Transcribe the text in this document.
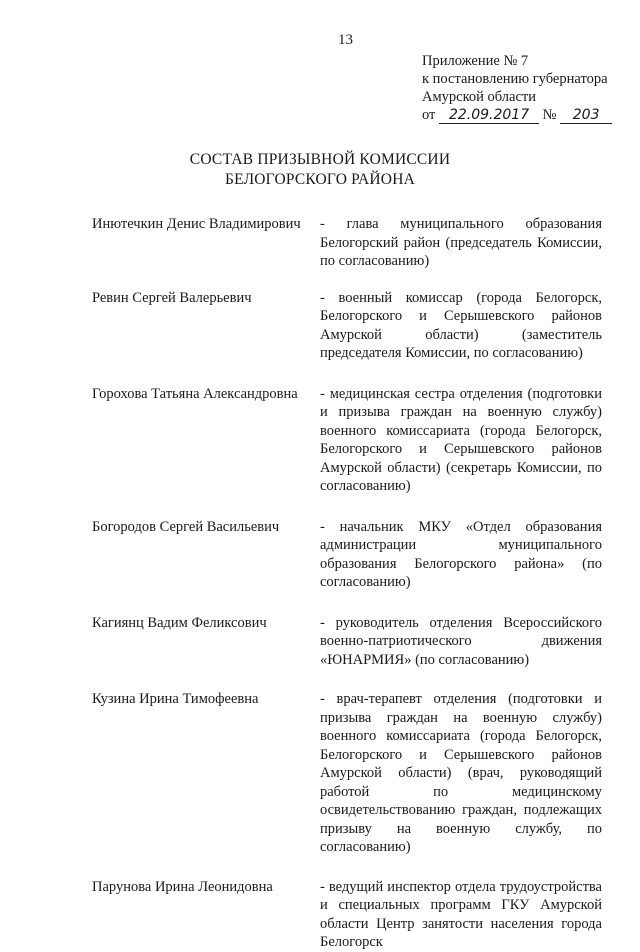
13
Приложение № 7
к постановлению губернатора
Амурской области
от 22.09.2017 № 203
СОСТАВ ПРИЗЫВНОЙ КОМИССИИ
БЕЛОГОРСКОГО РАЙОНА
Инютечкин Денис Владимирович	- глава муниципального образования Белогорский район (председатель Комиссии, по согласованию)
Ревин Сергей Валерьевич	- военный комиссар (города Белогорск, Белогорского и Серышевского районов Амурской области) (заместитель председателя Комиссии, по согласованию)
Горохова Татьяна Александровна	- медицинская сестра отделения (подготовки и призыва граждан на военную службу) военного комиссариата (города Белогорск, Белогорского и Серышевского районов Амурской области) (секретарь Комиссии, по согласованию)
Богородов Сергей Васильевич	- начальник МКУ «Отдел образования администрации муниципального образования Белогорского района» (по согласованию)
Кагиянц Вадим Феликсович	- руководитель отделения Всероссийского военно-патриотического движения «ЮНАРМИЯ» (по согласованию)
Кузина Ирина Тимофеевна	- врач-терапевт отделения (подготовки и призыва граждан на военную службу) военного комиссариата (города Белогорск, Белогорского и Серышевского районов Амурской области) (врач, руководящий работой по медицинскому освидетельствованию граждан, подлежащих призыву на военную службу, по согласованию)
Парунова Ирина Леонидовна	- ведущий инспектор отдела трудоустройства и специальных программ ГКУ Амурской области Центр занятости населения города Белогорск
